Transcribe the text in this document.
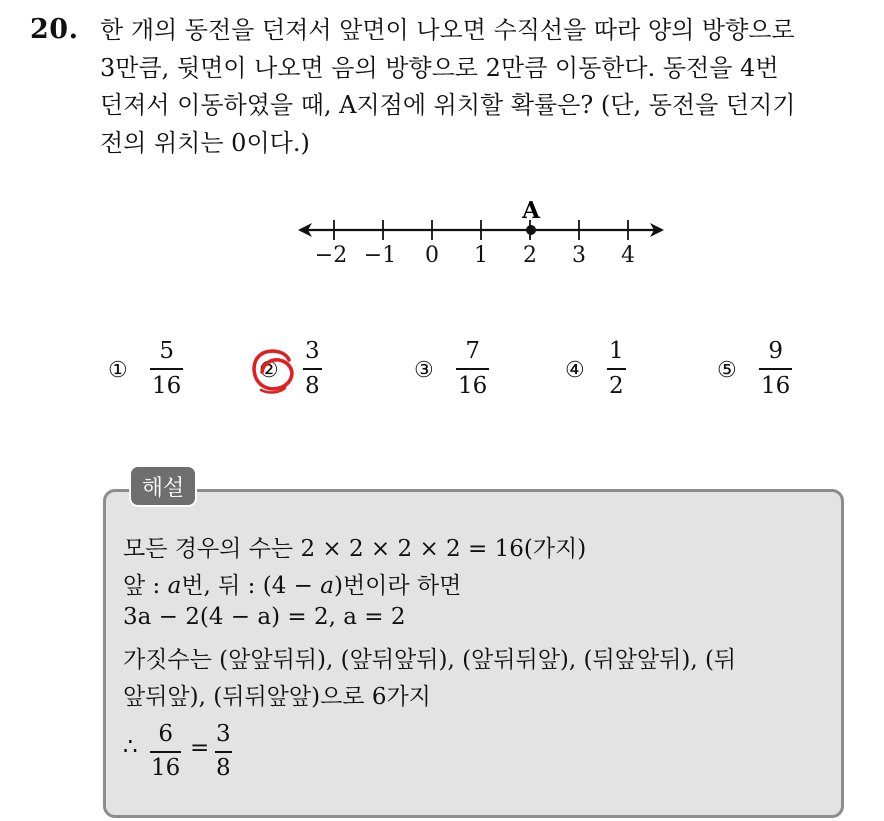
20. 한 개의 동전을 던져서 앞면이 나오면 수직선을 따라 양의 방향으로
3만큼, 뒷면이 나오면 음의 방향으로 2만큼 이동한다. 동전을 4번
던져서 이동하였을 때, A지점에 위치할 확률은? (단, 동전을 던지기
전의 위치는 0이다.)
−2 −1 0 1 2 3 4
A
①
5
16
②
3
8
③
7
16
④
1
2
⑤
9
16
해설
모든 경우의 수는 2 × 2 × 2 × 2 = 16(가지)
앞 : a번, 뒤 : (4 − a)번이라 하면
3a − 2(4 − a) = 2, a = 2
가짓수는 (앞앞뒤뒤), (앞뒤앞뒤), (앞뒤뒤앞), (뒤앞앞뒤), (뒤
앞뒤앞), (뒤뒤앞앞)으로 6가지
∴ 6
16
=
3
8
